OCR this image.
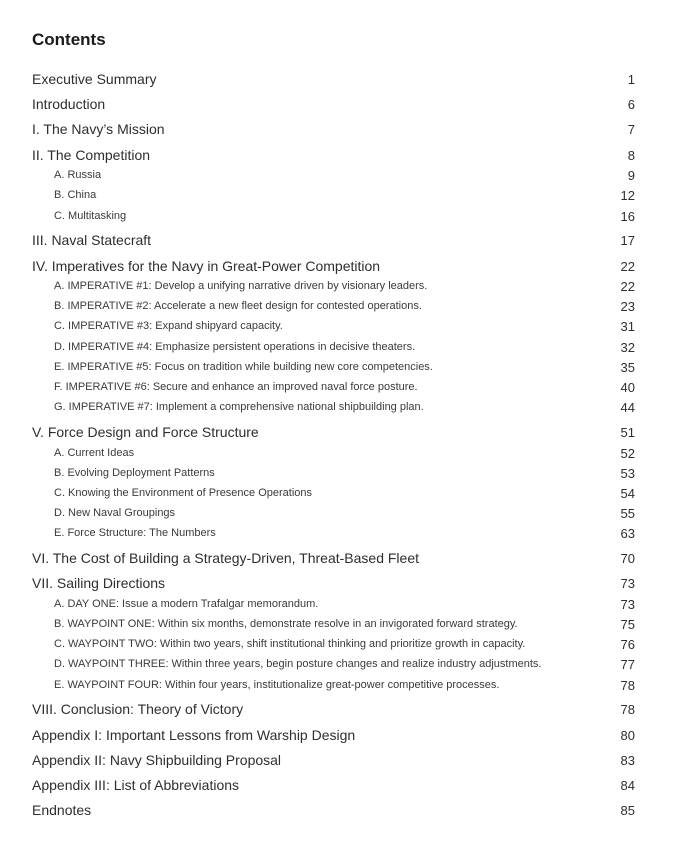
Contents
Executive Summary	1
Introduction	6
I. The Navy’s Mission	7
II. The Competition	8
A. Russia	9
B. China	12
C. Multitasking	16
III. Naval Statecraft	17
IV. Imperatives for the Navy in Great-Power Competition	22
A. IMPERATIVE #1: Develop a unifying narrative driven by visionary leaders.	22
B. IMPERATIVE #2: Accelerate a new fleet design for contested operations.	23
C. IMPERATIVE #3: Expand shipyard capacity.	31
D. IMPERATIVE #4: Emphasize persistent operations in decisive theaters.	32
E. IMPERATIVE #5: Focus on tradition while building new core competencies.	35
F. IMPERATIVE #6: Secure and enhance an improved naval force posture.	40
G. IMPERATIVE #7: Implement a comprehensive national shipbuilding plan.	44
V. Force Design and Force Structure	51
A. Current Ideas	52
B. Evolving Deployment Patterns	53
C. Knowing the Environment of Presence Operations	54
D. New Naval Groupings	55
E. Force Structure: The Numbers	63
VI. The Cost of Building a Strategy-Driven, Threat-Based Fleet	70
VII. Sailing Directions	73
A. DAY ONE: Issue a modern Trafalgar memorandum.	73
B. WAYPOINT ONE: Within six months, demonstrate resolve in an invigorated forward strategy.	75
C. WAYPOINT TWO: Within two years, shift institutional thinking and prioritize growth in capacity.	76
D. WAYPOINT THREE: Within three years, begin posture changes and realize industry adjustments.	77
E. WAYPOINT FOUR: Within four years, institutionalize great-power competitive processes.	78
VIII. Conclusion: Theory of Victory	78
Appendix I: Important Lessons from Warship Design	80
Appendix II: Navy Shipbuilding Proposal	83
Appendix III: List of Abbreviations	84
Endnotes	85
